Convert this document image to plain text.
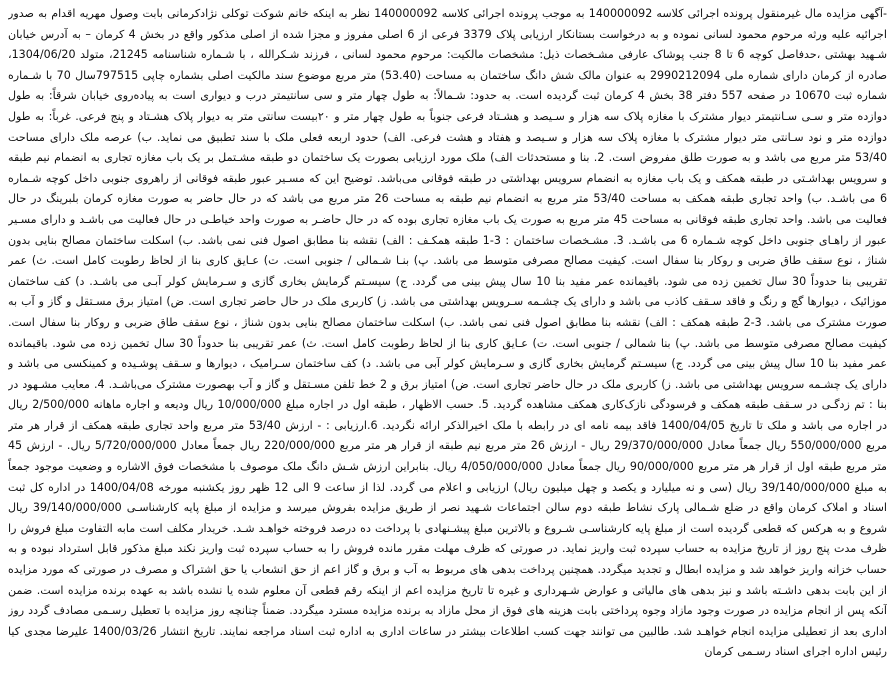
-آگهی مزایده مال غیرمنقول پرونده اجرائی کلاسه 140000092 به موجب پرونده اجرائی کلاسه 140000092 نظر به اینکه خانم شوکت توکلی نژادکرمانی بابت وصول مهریه اقدام به صدور اجرائیه علیه ورثه مرحوم محمود لسانی نموده و به درخواست بستانکار ارزیابی پلاک 3379 فرعی از 6 اصلی مفروز و مجزا شده از اصلی مذکور واقع در بخش 4 کرمان – به آدرس خیابان شـهید بهشتی ،حدفاصل کوچه 6 تا 8 جنب پوشاک عارفی مشـخصات ذیل: مشخصات مالکیت: مرحوم محمود لسانی ، فرزند شـکرالله ، با شـماره شناسنامه 21245، متولد 1304/06/20، صادره از کرمان دارای شماره ملی 2990212094 به عنوان مالک شش دانگ ساختمان به مساحت (53.40) متر مربع موضوع سند مالکیت اصلی بشماره چاپی 797515سال 70 با شـماره شماره ثبت 10670 در صفحه 557 دفتر 38 بخش 4 کرمان ثبت گردیده است. به حدود: شـمالاً: به طول چهار متر و سی سانتیمتر درب و دیواری است به پیاده‌روی خیابان شرقاً: به طول دوازده متر و سـی سـانتیمتر دیوار مشترک با مغازه پلاک سه هزار و سـیصد و هشـتاد فرعی جنوباً به طول چهار متر و ۲۰بیست سانتی متر به دیوار پلاک هشـتاد و پنج فرعی. غرباً: به طول دوازده متر و نود سـانتی متر دیوار مشترک با مغازه پلاک سه هزار و سـیصد و هفتاد و هشت فرعی. الف) حدود اربعه فعلی ملک با سند تطبیق می نماید. ب) عرصه ملک دارای مساحت 53/40 متر مربع می باشد و به صورت طلق مفروض است. 2. بنا و مستحدثات الف) ملک مورد ارزیابی بصورت یک ساختمان دو طبقه مشـتمل بر یک باب مغازه تجاری به انضمام نیم طبقه و سرویس بهداشـتی در طبقه همکف و یک باب مغازه به انضمام سرویس بهداشتی در طبقه فوقانی می‌باشد. توضیح این که مسـیر عبور طبقه فوقانی از راهروی جنوبی داخل کوچه شـماره 6 می باشـد. ب) واحد تجاری طبقه همکف به مساحت 53/40 متر مربع به انضمام نیم طبقه به مساحت 26 متر مربع می باشد که در حال حاضر به صورت مغازه کرمان بلبرینگ در حال فعالیت می باشد. واحد تجاری طبقه فوقانی به مساحت 45 متر مربع به صورت یک باب مغازه تجاری بوده که در حال حاضـر به صورت واحد خیاطـی در حال فعالیت می باشـد و دارای مسـیر عبور از راهـای جنوبی داخل کوچه شـماره 6 می باشـد. 3. مشـخصات ساختمان : 3-1 طبقه همکـف : الف) نقشه بنا مطابق اصول فنی نمی باشد. ب) اسکلت ساختمان مصالح بنایی بدون شناژ ، نوع سقف طاق ضربی و روکار بنا سفال است. کیفیت مصالح مصرفی متوسط می باشد. پ) بنـا شـمالی / جنوبی است. ت) عـایق کاری بنا از لحاظ رطوبت کامل است. ث) عمر تقریبی بنا حدوداً 30 سال تخمین زده می شود. باقیمانده عمر مفید بنا 10 سال پیش بینی می گردد. ج) سیسـتم گرمایش بخاری گازی و سـرمایش کولر آبـی می باشـد. د) کف ساختمان موزائیک ، دیوارها گچ و رنگ و فاقد سـقف کاذب می باشد و دارای یک چشـمه سـرویس بهداشتی می باشد. ز) کاربری ملک در حال حاضر تجاری است. ض) امتیاز برق مسـتقل و گاز و آب به صورت مشترک می باشد. 3-2 طبقه همکف : الف) نقشه بنا مطابق اصول فنی نمی باشد. ب) اسکلت ساختمان مصالح بنایی بدون شناژ ، نوع سقف طاق ضربی و روکار بنا سفال است. کیفیت مصالح مصرفی متوسط می باشد. پ) بنا شمالی / جنوبی است. ت) عـایق کاری بنا از لحاظ رطوبت کامل است. ث) عمر تقریبی بنا حدوداً 30 سال تخمین زده می شود. باقیمانده عمر مفید بنا 10 سال پیش بینی می گردد. ج) سیسـتم گرمایش بخاری گازی و سـرمایش کولر آبی می باشد. د) کف ساختمان سـرامیک ، دیوارها و سـقف پوشـیده و کمینکسی می باشد و دارای یک چشـمه سرویس بهداشتی می باشد. ز) کاربری ملک در حال حاضر تجاری است. ض) امتیاز برق و 2 خط تلفن مسـتقل و گاز و آب بهصورت مشترک می‌باشـد. 4. معایب مشـهود در بنا : تم زدگـی در سـقف طبقه همکف و فرسودگی نازک‌کاری همکف مشاهده گردید. 5. حسب الاظهار ، طبقه اول در اجاره مبلغ 10/000/000 ریال ودیعه و اجاره ماهانه 2/500/000 ریال در اجاره می باشد و ملک تا تاریخ 1400/04/05 فاقد بیمه نامه ای در رابطه با ملک اخیرالذکر ارائه نگردید. 6.ارزیابی : - ارزش 53/40 متر مربع واحد تجاری طبقه همکف از قرار هر متر مربع 550/000/000 ریال جمعاً معادل 29/370/000/000 ریال - ارزش 26 متر مربع نیم طبقه از قرار هر متر مربع 220/000/000 ریال جمعاً معادل 5/720/000/000 ریال. - ارزش 45 متر مربع طبقه اول از قرار هر متر مربع 90/000/000 ریال جمعاً معادل 4/050/000/000 ریال. بنابراین ارزش شـش دانگ ملک موصوف با مشخصات فوق الاشاره و وضعیت موجود جمعاً به مبلغ 39/140/000/000 ریال (سی و نه میلیارد و یکصد و چهل میلیون ریال) ارزیابی و اعلام می گردد. لذا از ساعت 9 الی 12 ظهر روز یکشنبه مورخه 1400/04/08 در اداره کل ثبت اسناد و املاک کرمان واقع در ضلع شـمالی پارک نشاط طبقه دوم سالن اجتماعات شـهید نصر از طریق مزایده بفروش میرسد و مزایده از مبلغ پایه کارشناسـی 39/140/000/000 ریال شروع و به هرکس که قطعی گردیده است از مبلغ پایه کارشناسـی شـروع و بالاترین مبلغ پیشـنهادی با پرداخت ده درصد فروخته خواهـد شـد. خریدار مکلف است مابه التفاوت مبلغ فروش را ظرف مدت پنج روز از تاریخ مزایده به حساب سپرده ثبت واریز نماید. در صورتی که ظرف مهلت مقرر مانده فروش را به حساب سپرده ثبت واریز نکند مبلغ مذکور قابل استرداد نبوده و به حساب خزانه واریز خواهد شد و مزایده ابطال و تجدید میگردد. همچنین پرداخت بدهی های مربوط به آب و برق و گاز اعم از حق انشعاب یا حق اشتراک و مصرف در صورتی که مورد مزایده از این بابت بدهی داشـته باشد و نیز بدهی های مالیاتی و عوارض شـهرداری و غیره تا تاریخ مزایده اعم از اینکه رقم قطعی آن معلوم شده یا نشده باشد به عهده برنده مزایده است. ضمن آنکه پس از انجام مزایده در صورت وجود مازاد وجوه پرداختی بابت هزینه های فوق از محل مازاد به برنده مزایده مسترد میگردد. ضمناً چنانچه روز مزایده با تعطیل رسـمی مصادف گردد روز اداری بعد از تعطیلی مزایده انجام خواهـد شد. طالبین می توانند جهت کسب اطلاعات بیشتر در ساعات اداری به اداره ثبت اسناد مراجعه نمایند. تاریخ انتشار 1400/03/26 علیرضا مجدی کیا رئیس اداره اجرای اسناد رسـمی کرمان
